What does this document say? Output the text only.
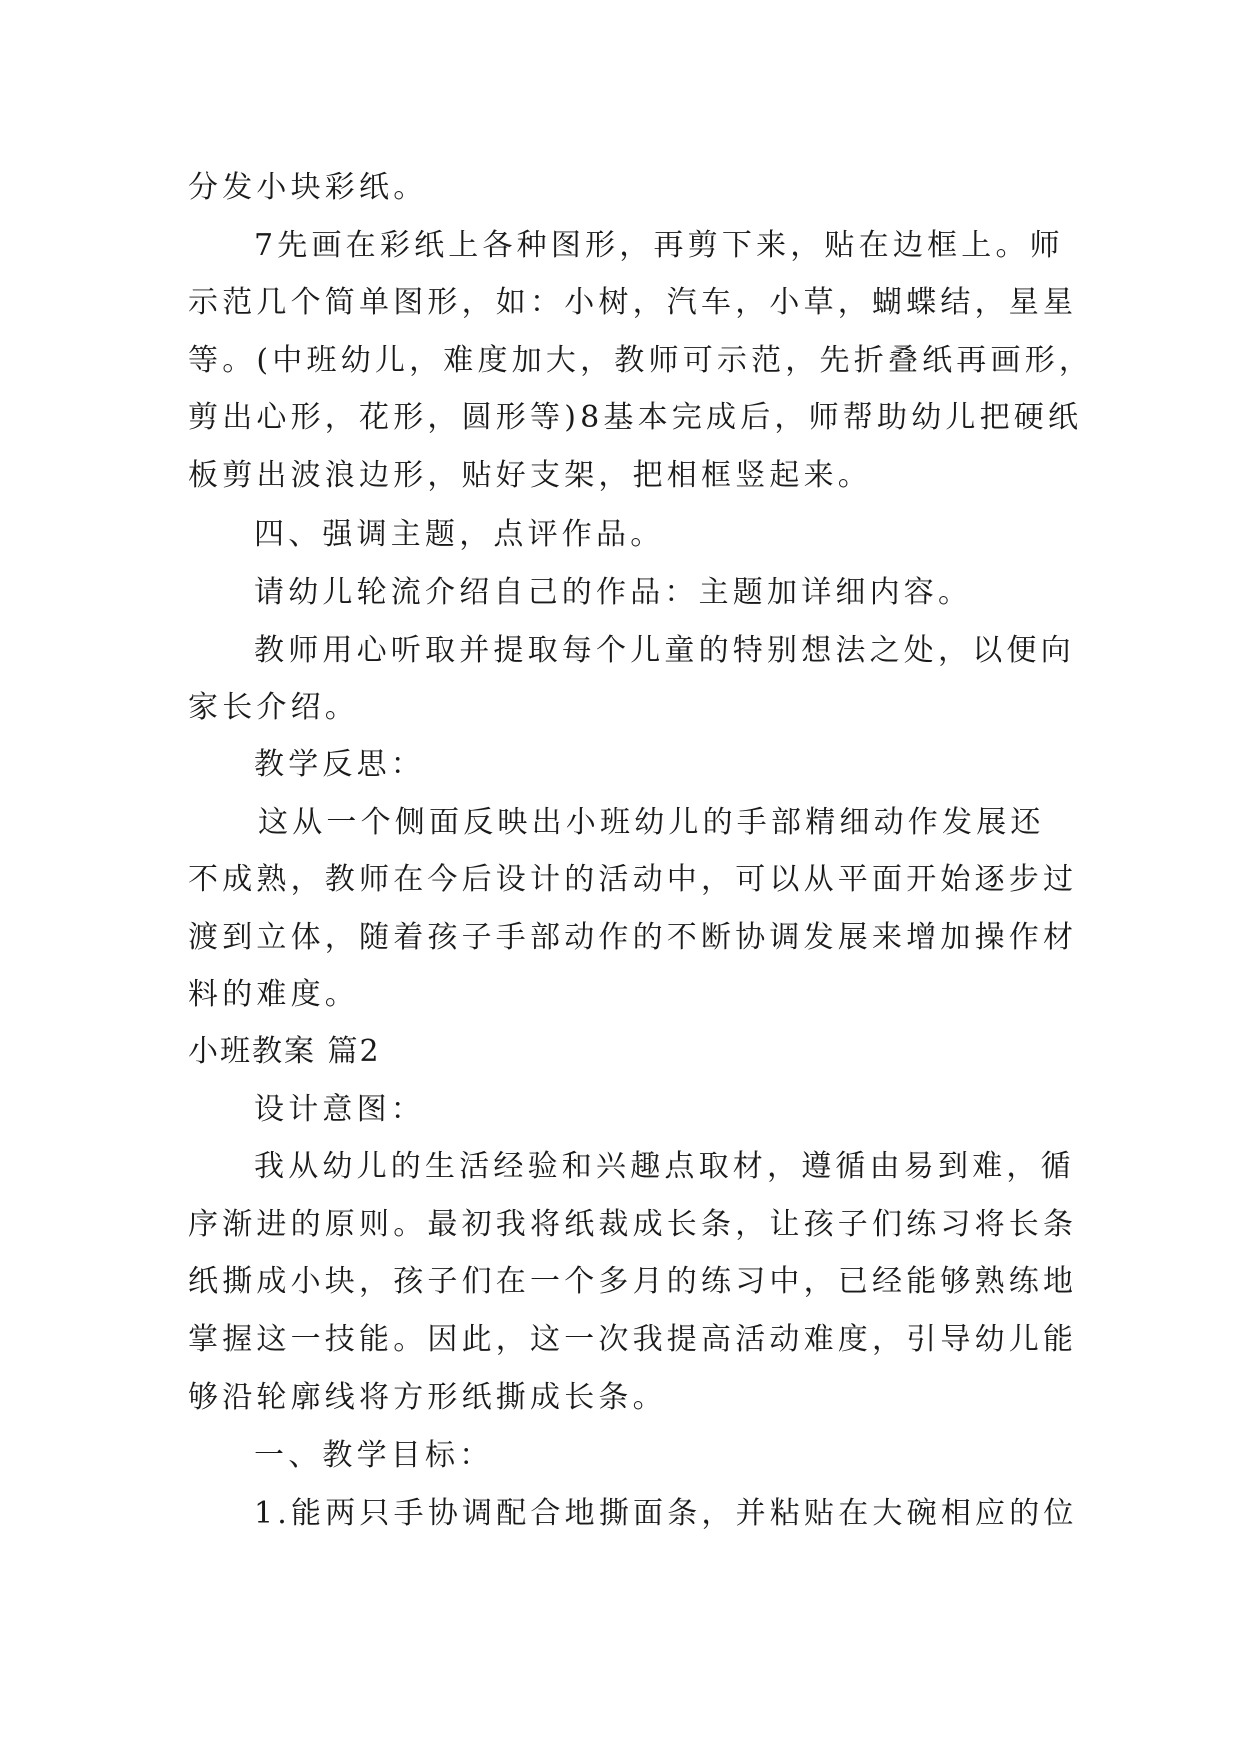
分发小块彩纸。
7先画在彩纸上各种图形，再剪下来，贴在边框上。师
示范几个简单图形，如：小树，汽车，小草，蝴蝶结，星星
等。(中班幼儿，难度加大，教师可示范，先折叠纸再画形，
剪出心形，花形，圆形等)8基本完成后，师帮助幼儿把硬纸
板剪出波浪边形，贴好支架，把相框竖起来。
四、强调主题，点评作品。
请幼儿轮流介绍自己的作品：主题加详细内容。
教师用心听取并提取每个儿童的特别想法之处，以便向
家长介绍。
教学反思：
这从一个侧面反映出小班幼儿的手部精细动作发展还
不成熟，教师在今后设计的活动中，可以从平面开始逐步过
渡到立体，随着孩子手部动作的不断协调发展来增加操作材
料的难度。
小班教案 篇2
设计意图：
我从幼儿的生活经验和兴趣点取材，遵循由易到难，循
序渐进的原则。最初我将纸裁成长条，让孩子们练习将长条
纸撕成小块，孩子们在一个多月的练习中，已经能够熟练地
掌握这一技能。因此，这一次我提高活动难度，引导幼儿能
够沿轮廓线将方形纸撕成长条。
一、教学目标：
1.能两只手协调配合地撕面条，并粘贴在大碗相应的位
